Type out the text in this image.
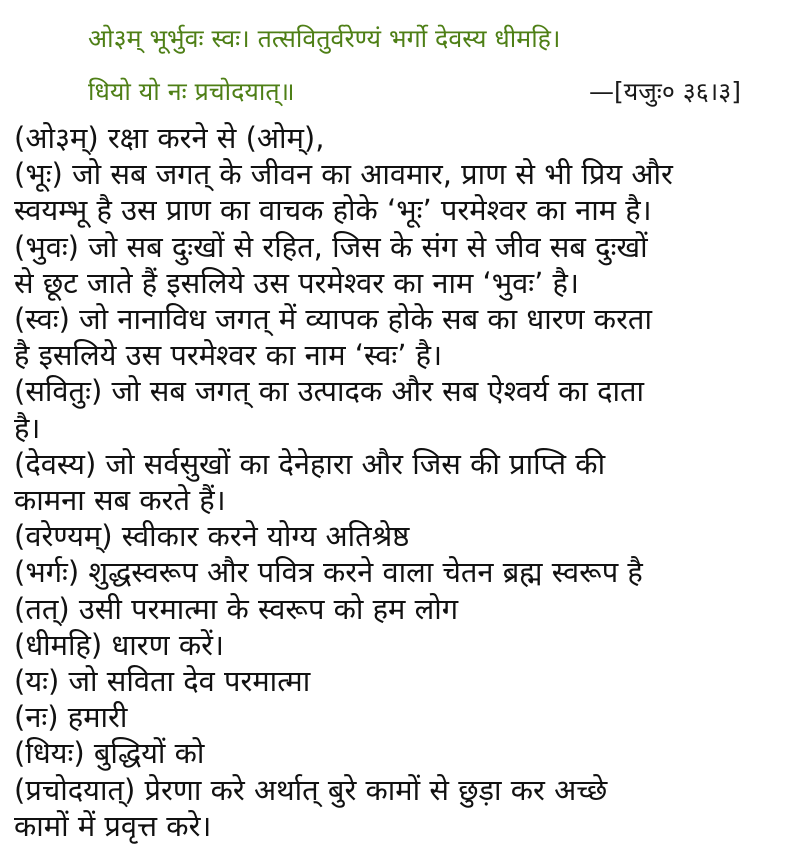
ओ३म् भूर्भुवः स्वः। तत्सवितुर्वरेण्यं भर्गो देवस्य धीमहि।
धियो यो नः प्रचोदयात्॥	—[यजुः० ३६।३]
(ओ३म्) रक्षा करने से (ओम्),
(भूः) जो सब जगत् के जीवन का आवमार, प्राण से भी प्रिय और
स्वयम्भू है उस प्राण का वाचक होके ‘भूः’ परमेश्वर का नाम है।
(भुवः) जो सब दुःखों से रहित, जिस के संग से जीव सब दुःखों
से छूट जाते हैं इसलिये उस परमेश्वर का नाम ‘भुवः’ है।
(स्वः) जो नानाविध जगत् में व्यापक होके सब का धारण करता
है इसलिये उस परमेश्वर का नाम ‘स्वः’ है।
(सवितुः) जो सब जगत् का उत्पादक और सब ऐश्वर्य का दाता
है।
(देवस्य) जो सर्वसुखों का देनेहारा और जिस की प्राप्ति की
कामना सब करते हैं।
(वरेण्यम्) स्वीकार करने योग्य अतिश्रेष्ठ
(भर्गः) शुद्धस्वरूप और पवित्र करने वाला चेतन ब्रह्म स्वरूप है
(तत्) उसी परमात्मा के स्वरूप को हम लोग
(धीमहि) धारण करें।
(यः) जो सविता देव परमात्मा
(नः) हमारी
(धियः) बुद्धियों को
(प्रचोदयात्) प्रेरणा करे अर्थात् बुरे कामों से छुड़ा कर अच्छे
कामों में प्रवृत्त करे।
